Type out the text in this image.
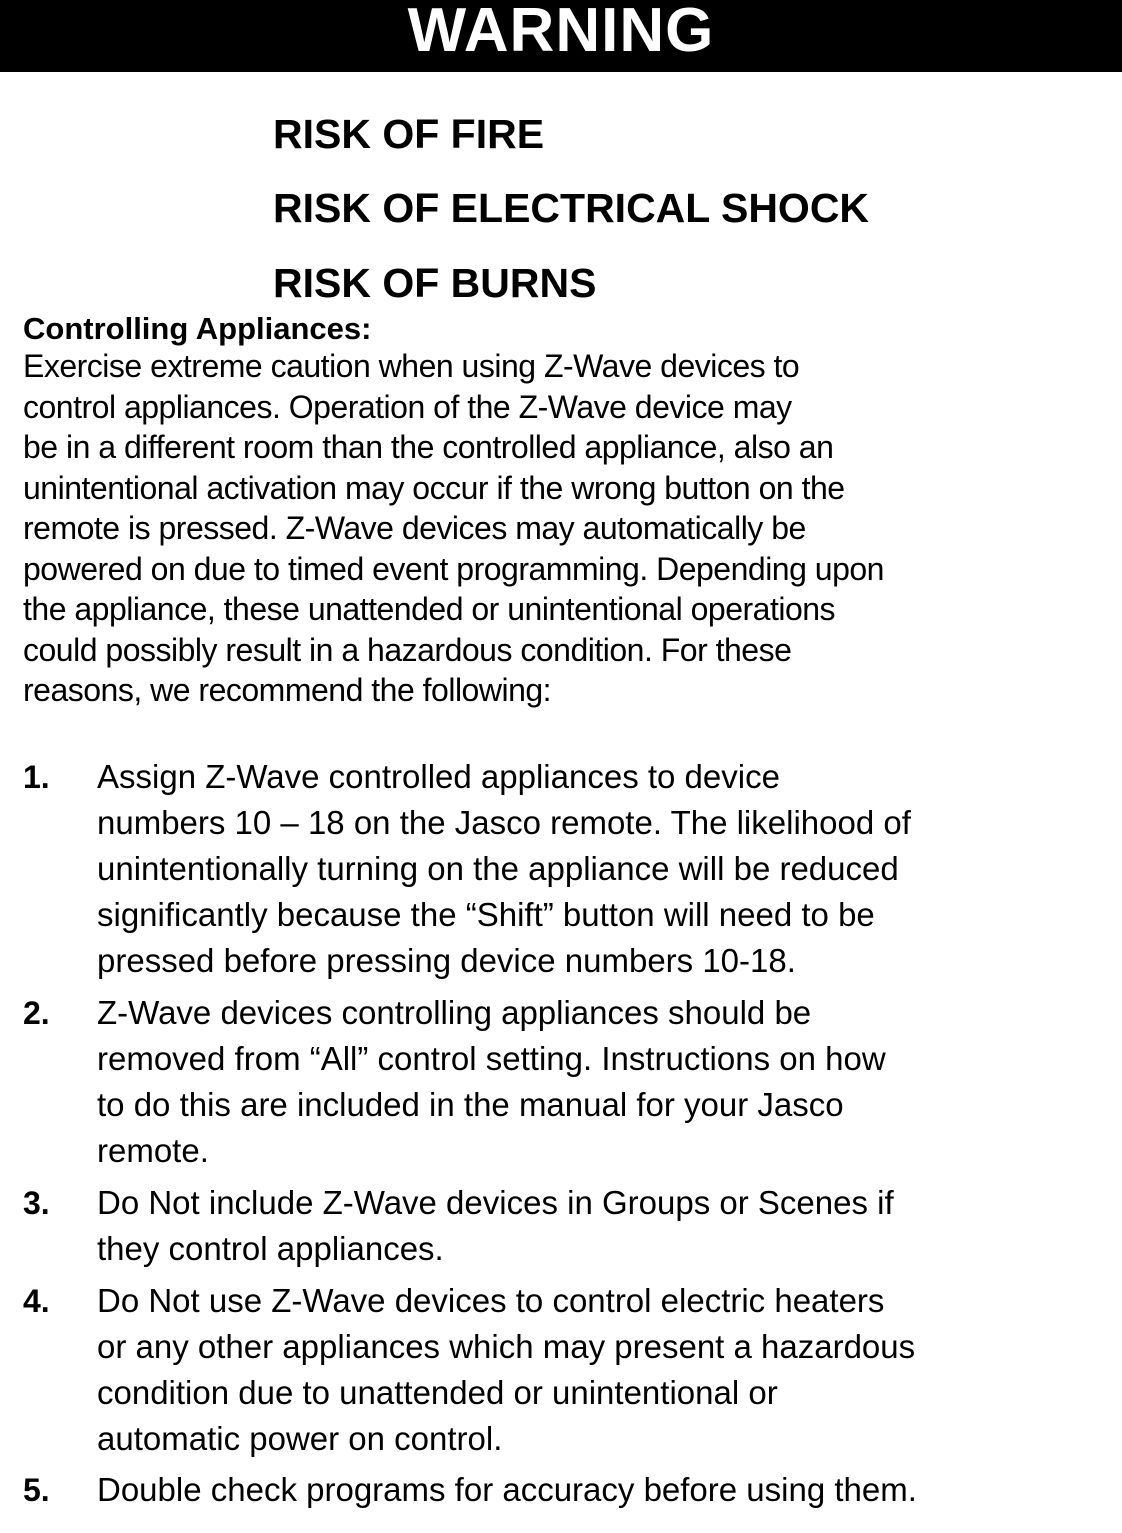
WARNING
RISK OF FIRE
RISK OF ELECTRICAL SHOCK
RISK OF BURNS
Controlling Appliances:
Exercise extreme caution when using Z-Wave devices to
control appliances. Operation of the Z-Wave device may
be in a different room than the controlled appliance, also an
unintentional activation may occur if the wrong button on the
remote is pressed. Z-Wave devices may automatically be
powered on due to timed event programming. Depending upon
the appliance, these unattended or unintentional operations
could possibly result in a hazardous condition. For these
reasons, we recommend the following:
1. Assign Z-Wave controlled appliances to device
numbers 10 – 18 on the Jasco remote. The likelihood of
unintentionally turning on the appliance will be reduced
significantly because the “Shift” button will need to be
pressed before pressing device numbers 10-18.
2. Z-Wave devices controlling appliances should be
removed from “All” control setting. Instructions on how
to do this are included in the manual for your Jasco
remote.
3. Do Not include Z-Wave devices in Groups or Scenes if
they control appliances.
4. Do Not use Z-Wave devices to control electric heaters
or any other appliances which may present a hazardous
condition due to unattended or unintentional or
automatic power on control.
5. Double check programs for accuracy before using them.
